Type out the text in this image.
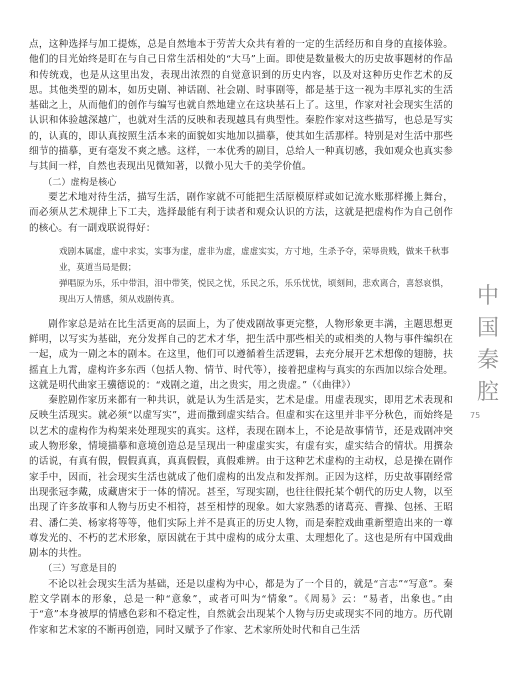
点，这种选择与加工提炼，总是自然地本于劳苦大众共有着的一定的生活经历和自身的直接体验。他们的目光始终是盯在与自己日常生活相处的“大马”上面。即使是数量极大的历史故事题材的作品和传统戏，也是从这里出发，表现出浓烈的自觉意识到的历史内容，以及对这种历史作艺术的反思。其他类型的剧本，如历史剧、神话剧、社会剧、时事剧等，都是基于这一视为丰厚礼实的生活基础之上，从而他们的创作与编写也就自然地建立在这块基石上了。这里，作家对社会现实生活的认识和体验越深越广，也就对生活的反映和表现越具有典型性。秦腔作家对这些描写，也总是写实的，认真的，即认真按照生活本来的面貌如实地加以描摹，使其如生活那样。特别是对生活中那些细节的描摹，更有毫发不爽之感。这样，一本优秀的剧目，总给人一种真切感，我如观众也真实参与其间一样，自然也表现出见微知著，以微小见大千的美学价值。

（二）虚构是核心

要艺术地对待生活，描写生活，剧作家就不可能把生活原模原样或如记流水账那样搬上舞台，而必须从艺术规律上下工夫，选择最能有利于读者和观众认识的方法，这就是把虚构作为自己创作的核心。有一副戏联说得好：

戏剧本属虚，虚中求实，实事为虚，虚非为虚，虚虚实实，方寸地，生杀予夺，荣辱贵贱，做来千秋事业，莫道当局是假；

弹唱原为乐，乐中带泪，泪中带笑，悦民之忧，乐民之乐，乐乐忧忧，顷刻间，悲欢离合，喜怒哀惧，现出万人情感，须从戏剧传真。

剧作家总是站在比生活更高的层面上，为了使戏剧故事更完整，人物形象更丰满，主题思想更鲜明，以写实为基础，充分发挥自己的艺术才华，把生活中那些相关的或相类的人物与事件编织在一起，成为一剧之本的剧本。在这里，他们可以遵循着生活逻辑，去充分展开艺术想像的翅膀，扶摇直上九霄，虚构许多东西（包括人物、情节、时代等），接着把虚构与真实的东西加以综合处理。这就是明代曲家王骥德说的：“戏剧之道，出之贵实，用之贵虚。”（《曲律》）

秦腔剧作家历来都有一种共识，就是认为生活是实，艺术是虚。用虚表现实，即用艺术表现和反映生活现实。就必须“以虚写实”，进而撒到虚实结合。但虚和实在这里并非平分秋色，而始终是以艺术的虚构作为构架来处理现实的真实。这样，表现在剧本上，不论是故事情节，还是戏剧冲突或人物形象，情境描摹和意境创造总是呈现出一种虚虚实实，有虚有实，虚实结合的情状。用撰杂的话说，有真有假，假假真真，真真假假，真假难辨。由于这种艺术虚构的主动权，总是操在剧作家手中，因而，社会现实生活也就成了他们虚构的出发点和发挥剂。正因为这样，历史故事剧经常出现张冠李戴，成藏唐宋于一体的情况。甚至，写现实剧，也往往假托某个朝代的历史人物，以至出现了许多故事和人物与历史不相符，甚至相悖的现象。如大家熟悉的诸葛亮、曹操、包拯、王昭君、潘仁美、杨家将等等，他们实际上并不是真正的历史人物，而是秦腔戏曲重新塑造出来的一尊尊发光的、不朽的艺术形象，原因就在于其中虚构的成分太重、太理想化了。这也是所有中国戏曲剧本的共性。

（三）写意是目的

不论以社会现实生活为基础，还是以虚构为中心，都是为了一个目的，就是“言志”“写意”。秦腔文学剧本的形象，总是一种“意象”，或者可叫为“情象”。《周易》云：“易者，出象也。”由于“意”本身被厚的情感色彩和不稳定性，自然就会出现某个人物与历史或现实不同的地方。历代剧作家和艺术家的不断再创造，同时又赋予了作家、艺术家所处时代和自己生活

中
国
秦
腔
75
